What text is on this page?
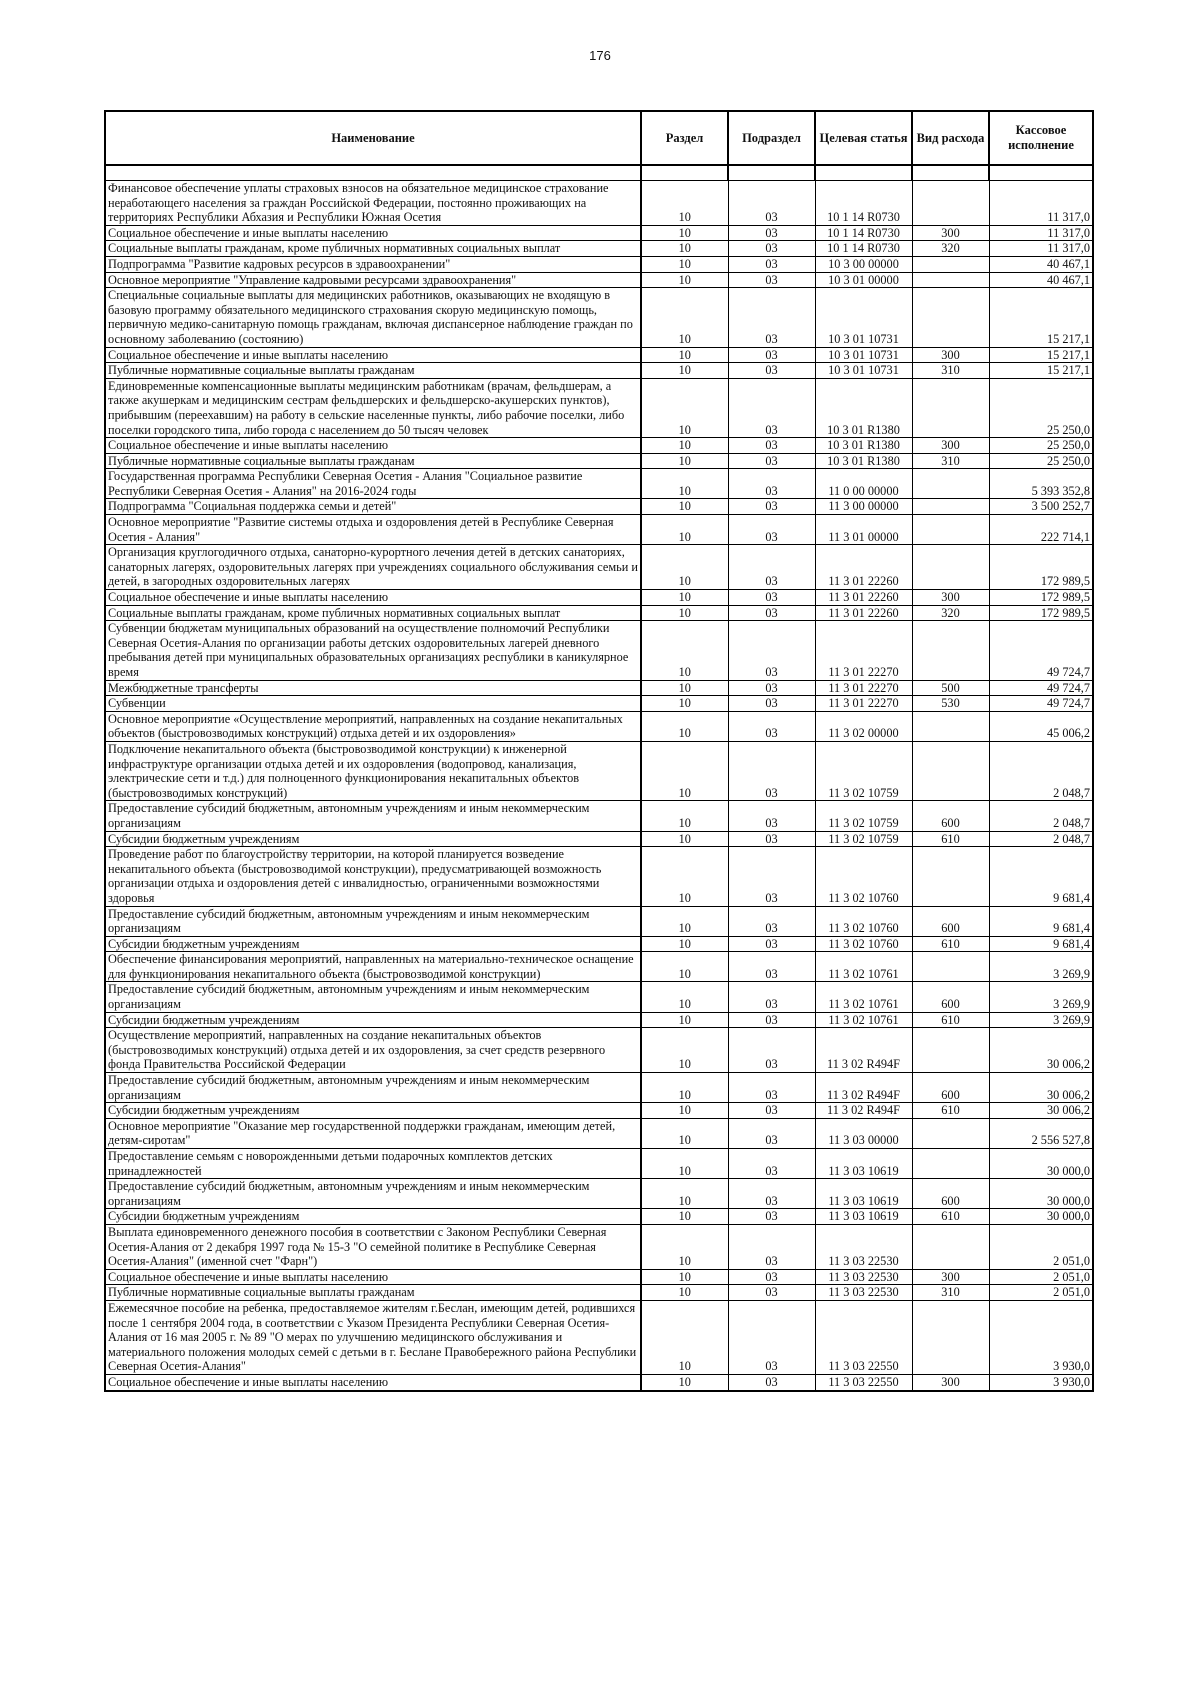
176
Наименование	Раздел	Подраздел	Целевая статья	Вид расхода	Кассовое исполнение

Финансовое обеспечение уплаты страховых взносов на обязательное медицинское страхование неработающего населения за граждан Российской Федерации, постоянно проживающих на территориях Республики Абхазия и Республики Южная Осетия	10	03	10 1 14 R0730		11 317,0
Социальное обеспечение и иные выплаты населению	10	03	10 1 14 R0730	300	11 317,0
Социальные выплаты гражданам, кроме публичных нормативных социальных выплат	10	03	10 1 14 R0730	320	11 317,0
Подпрограмма "Развитие кадровых ресурсов в здравоохранении"	10	03	10 3 00 00000		40 467,1
Основное мероприятие "Управление кадровыми ресурсами здравоохранения"	10	03	10 3 01 00000		40 467,1
Специальные социальные выплаты для медицинских работников, оказывающих не входящую в базовую программу обязательного медицинского страхования скорую медицинскую помощь, первичную медико-санитарную помощь гражданам, включая диспансерное наблюдение граждан по основному заболеванию (состоянию)	10	03	10 3 01 10731		15 217,1
Социальное обеспечение и иные выплаты населению	10	03	10 3 01 10731	300	15 217,1
Публичные нормативные социальные выплаты гражданам	10	03	10 3 01 10731	310	15 217,1
Единовременные компенсационные выплаты медицинским работникам (врачам, фельдшерам, а также акушеркам и медицинским сестрам фельдшерских и фельдшерско-акушерских пунктов), прибывшим (переехавшим) на работу в сельские населенные пункты, либо рабочие поселки, либо поселки городского типа, либо города с населением до 50 тысяч человек	10	03	10 3 01 R1380		25 250,0
Социальное обеспечение и иные выплаты населению	10	03	10 3 01 R1380	300	25 250,0
Публичные нормативные социальные выплаты гражданам	10	03	10 3 01 R1380	310	25 250,0
Государственная программа Республики Северная Осетия - Алания "Социальное развитие Республики Северная Осетия - Алания" на 2016-2024 годы	10	03	11 0 00 00000		5 393 352,8
Подпрограмма "Социальная поддержка семьи и детей"	10	03	11 3 00 00000		3 500 252,7
Основное мероприятие "Развитие системы отдыха и оздоровления детей в Республике Северная Осетия - Алания"	10	03	11 3 01 00000		222 714,1
Организация круглогодичного отдыха, санаторно-курортного лечения детей в детских санаториях, санаторных лагерях, оздоровительных лагерях при учреждениях социального обслуживания семьи и детей, в загородных оздоровительных лагерях	10	03	11 3 01 22260		172 989,5
Социальное обеспечение и иные выплаты населению	10	03	11 3 01 22260	300	172 989,5
Социальные выплаты гражданам, кроме публичных нормативных социальных выплат	10	03	11 3 01 22260	320	172 989,5
Субвенции бюджетам муниципальных образований на осуществление полномочий Республики Северная Осетия-Алания по организации работы детских оздоровительных лагерей дневного пребывания детей при муниципальных образовательных организациях республики в каникулярное время	10	03	11 3 01 22270		49 724,7
Межбюджетные трансферты	10	03	11 3 01 22270	500	49 724,7
Субвенции	10	03	11 3 01 22270	530	49 724,7
Основное мероприятие «Осуществление мероприятий, направленных на создание некапитальных объектов (быстровозводимых конструкций) отдыха детей и их оздоровления»	10	03	11 3 02 00000		45 006,2
Подключение некапитального объекта (быстровозводимой конструкции) к инженерной инфраструктуре организации отдыха детей и их оздоровления (водопровод, канализация, электрические сети и т.д.) для полноценного функционирования некапитальных объектов (быстровозводимых конструкций)	10	03	11 3 02 10759		2 048,7
Предоставление субсидий бюджетным, автономным учреждениям и иным некоммерческим организациям	10	03	11 3 02 10759	600	2 048,7
Субсидии бюджетным учреждениям	10	03	11 3 02 10759	610	2 048,7
Проведение работ по благоустройству территории, на которой планируется возведение некапитального объекта (быстровозводимой конструкции), предусматривающей возможность организации отдыха и оздоровления детей с инвалидностью, ограниченными возможностями здоровья	10	03	11 3 02 10760		9 681,4
Предоставление субсидий бюджетным, автономным учреждениям и иным некоммерческим организациям	10	03	11 3 02 10760	600	9 681,4
Субсидии бюджетным учреждениям	10	03	11 3 02 10760	610	9 681,4
Обеспечение финансирования мероприятий, направленных на материально-техническое оснащение для функционирования некапитального объекта (быстровозводимой конструкции)	10	03	11 3 02 10761		3 269,9
Предоставление субсидий бюджетным, автономным учреждениям и иным некоммерческим организациям	10	03	11 3 02 10761	600	3 269,9
Субсидии бюджетным учреждениям	10	03	11 3 02 10761	610	3 269,9
Осуществление мероприятий, направленных на создание некапитальных объектов (быстровозводимых конструкций) отдыха детей и их оздоровления, за счет средств резервного фонда Правительства Российской Федерации	10	03	11 3 02 R494F		30 006,2
Предоставление субсидий бюджетным, автономным учреждениям и иным некоммерческим организациям	10	03	11 3 02 R494F	600	30 006,2
Субсидии бюджетным учреждениям	10	03	11 3 02 R494F	610	30 006,2
Основное мероприятие "Оказание мер государственной поддержки гражданам, имеющим детей, детям-сиротам"	10	03	11 3 03 00000		2 556 527,8
Предоставление семьям с новорожденными детьми подарочных комплектов детских принадлежностей	10	03	11 3 03 10619		30 000,0
Предоставление субсидий бюджетным, автономным учреждениям и иным некоммерческим организациям	10	03	11 3 03 10619	600	30 000,0
Субсидии бюджетным учреждениям	10	03	11 3 03 10619	610	30 000,0
Выплата единовременного денежного пособия в соответствии с Законом Республики Северная Осетия-Алания от 2 декабря 1997 года № 15-З "О семейной политике в Республике Северная Осетия-Алания" (именной счет "Фарн")	10	03	11 3 03 22530		2 051,0
Социальное обеспечение и иные выплаты населению	10	03	11 3 03 22530	300	2 051,0
Публичные нормативные социальные выплаты гражданам	10	03	11 3 03 22530	310	2 051,0
Ежемесячное пособие на ребенка, предоставляемое жителям г.Беслан, имеющим детей, родившихся после 1 сентября 2004 года, в соответствии с Указом Президента Республики Северная Осетия-Алания от 16 мая 2005 г. № 89 "О мерах по улучшению медицинского обслуживания и материального положения молодых семей с детьми в г. Беслане Правобережного района Республики Северная Осетия-Алания"	10	03	11 3 03 22550		3 930,0
Социальное обеспечение и иные выплаты населению	10	03	11 3 03 22550	300	3 930,0
